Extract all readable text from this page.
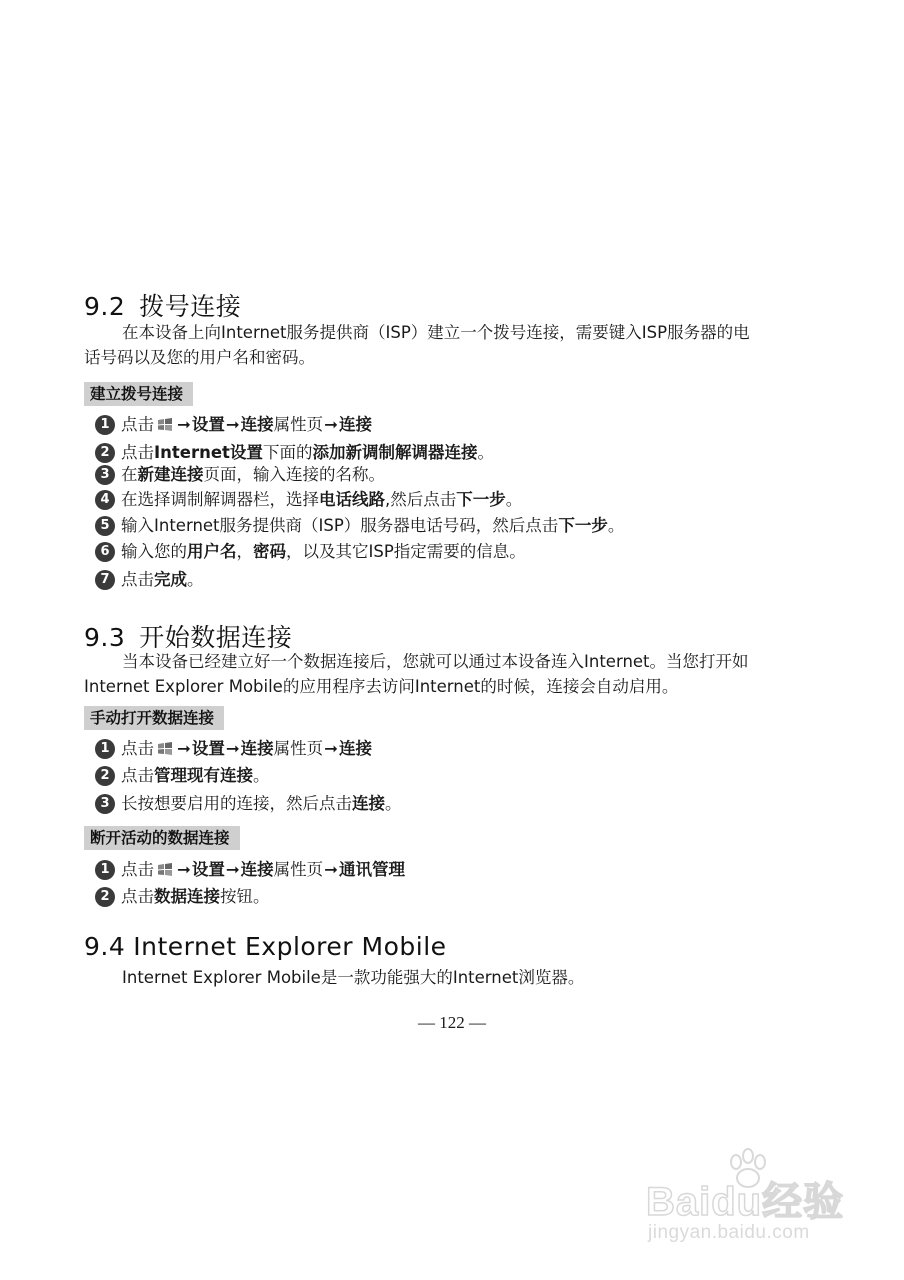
9.2 拨号连接

在本设备上向Internet服务提供商（ISP）建立一个拨号连接，需要键入ISP服务器的电
话号码以及您的用户名和密码。

建立拨号连接
1 点击 ➞ 设置 ➞ 连接 属性页 ➞ 连接
2 点击 Internet设置 下面的 添加新调制解调器连接 。
3 在 新建连接 页面，输入连接的名称。
4 在选择调制解调器栏，选择 电话线路 ,然后点击 下一步 。
5 输入Internet服务提供商（ISP）服务器电话号码，然后点击 下一步 。
6 输入您的 用户名 ， 密码 ，以及其它ISP指定需要的信息。
7 点击 完成 。
9.3 开始数据连接

当本设备已经建立好一个数据连接后，您就可以通过本设备连入Internet。当您打开如
Internet Explorer Mobile的应用程序去访问Internet的时候，连接会自动启用。

手动打开数据连接
1 点击 ➞ 设置 ➞ 连接 属性页 ➞ 连接
2 点击 管理现有连接 。
3 长按想要启用的连接，然后点击 连接 。
断开活动的数据连接
1 点击 ➞ 设置 ➞ 连接 属性页 ➞ 通讯管理
2 点击 数据连接 按钮。
9.4 Internet Explorer Mobile

Internet Explorer Mobile是一款功能强大的Internet浏览器。

— 122 —
Baidu经验
jingyan.baidu.com
